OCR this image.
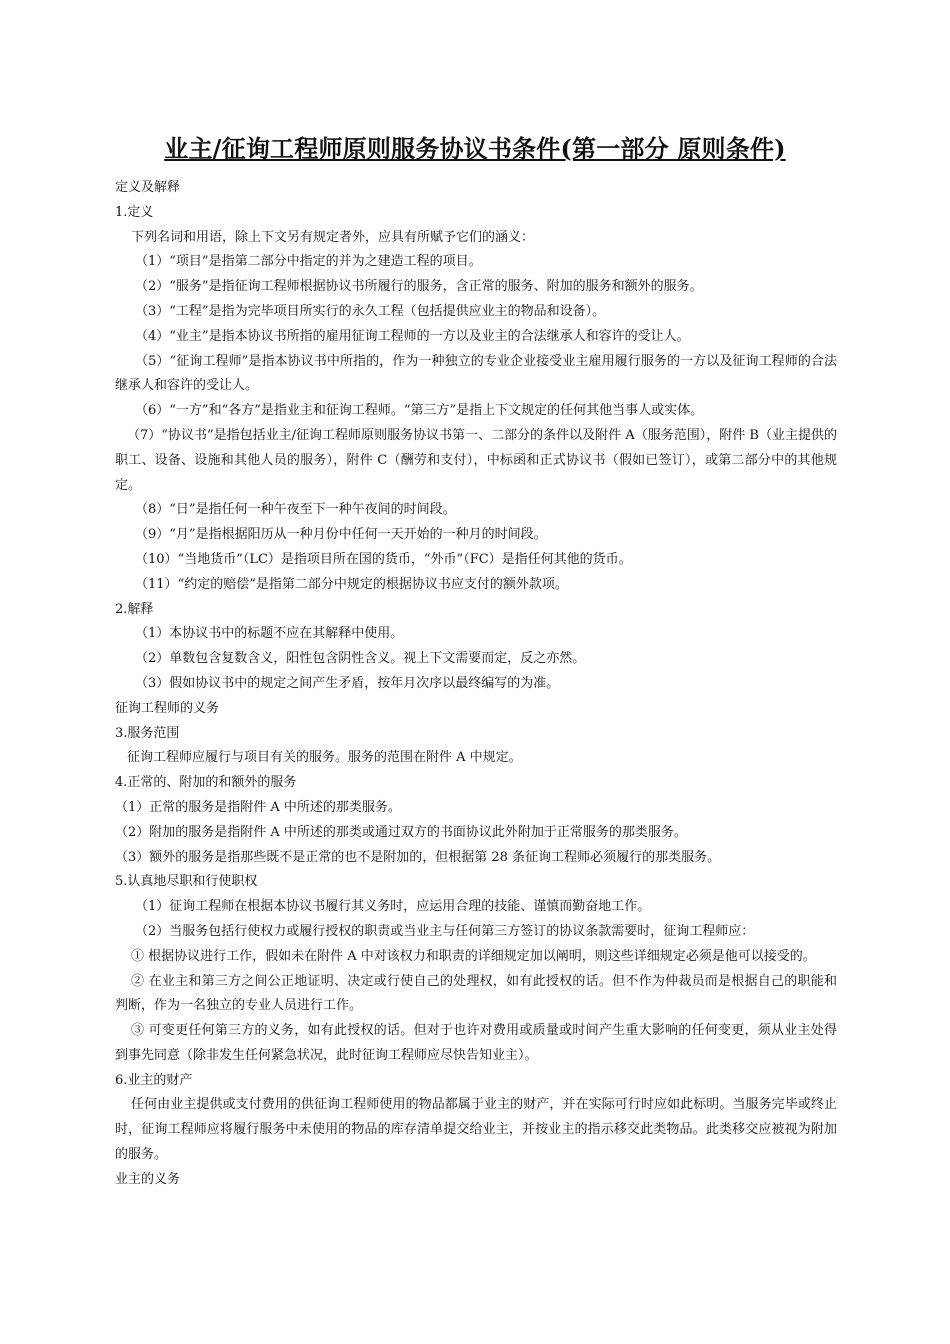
业主/征询工程师原则服务协议书条件(第一部分 原则条件)

定义及解释

1.定义

下列名词和用语，除上下文另有规定者外，应具有所赋予它们的涵义：

（1）“项目”是指第二部分中指定的并为之建造工程的项目。

（2）“服务”是指征询工程师根据协议书所履行的服务，含正常的服务、附加的服务和额外的服务。

（3）“工程”是指为完毕项目所实行的永久工程（包括提供应业主的物品和设备）。

（4）“业主”是指本协议书所指的雇用征询工程师的一方以及业主的合法继承人和容许的受让人。

（5）“征询工程师”是指本协议书中所指的，作为一种独立的专业企业接受业主雇用履行服务的一方以及征询工程师的合法继承人和容许的受让人。

（6）“一方”和“各方”是指业主和征询工程师。“第三方”是指上下文规定的任何其他当事人或实体。

（7）“协议书”是指包括业主/征询工程师原则服务协议书第一、二部分的条件以及附件 A（服务范围），附件 B（业主提供的职工、设备、设施和其他人员的服务），附件 C（酬劳和支付），中标函和正式协议书（假如已签订），或第二部分中的其他规定。

（8）“日”是指任何一种午夜至下一种午夜间的时间段。

（9）“月”是指根据阳历从一种月份中任何一天开始的一种月的时间段。

（10）“当地货币”（LC）是指项目所在国的货币，“外币”（FC）是指任何其他的货币。

（11）“约定的赔偿”是指第二部分中规定的根据协议书应支付的额外款项。

2.解释

（1）本协议书中的标题不应在其解释中使用。

（2）单数包含复数含义，阳性包含阴性含义。视上下文需要而定，反之亦然。

（3）假如协议书中的规定之间产生矛盾，按年月次序以最终编写的为准。

征询工程师的义务

3.服务范围

征询工程师应履行与项目有关的服务。服务的范围在附件 A 中规定。

4.正常的、附加的和额外的服务

（1）正常的服务是指附件 A 中所述的那类服务。

（2）附加的服务是指附件 A 中所述的那类或通过双方的书面协议此外附加于正常服务的那类服务。

（3）额外的服务是指那些既不是正常的也不是附加的，但根据第 28 条征询工程师必须履行的那类服务。

5.认真地尽职和行使职权

（1）征询工程师在根据本协议书履行其义务时，应运用合理的技能、谨慎而勤奋地工作。

（2）当服务包括行使权力或履行授权的职责或当业主与任何第三方签订的协议条款需要时，征询工程师应：

① 根据协议进行工作，假如未在附件 A 中对该权力和职责的详细规定加以阐明，则这些详细规定必须是他可以接受的。

② 在业主和第三方之间公正地证明、决定或行使自己的处理权，如有此授权的话。但不作为仲裁员而是根据自己的职能和判断，作为一名独立的专业人员进行工作。

③ 可变更任何第三方的义务，如有此授权的话。但对于也许对费用或质量或时间产生重大影响的任何变更，须从业主处得到事先同意（除非发生任何紧急状况，此时征询工程师应尽快告知业主）。

6.业主的财产

任何由业主提供或支付费用的供征询工程师使用的物品都属于业主的财产，并在实际可行时应如此标明。当服务完毕或终止时，征询工程师应将履行服务中未使用的物品的库存清单提交给业主，并按业主的指示移交此类物品。此类移交应被视为附加的服务。

业主的义务
